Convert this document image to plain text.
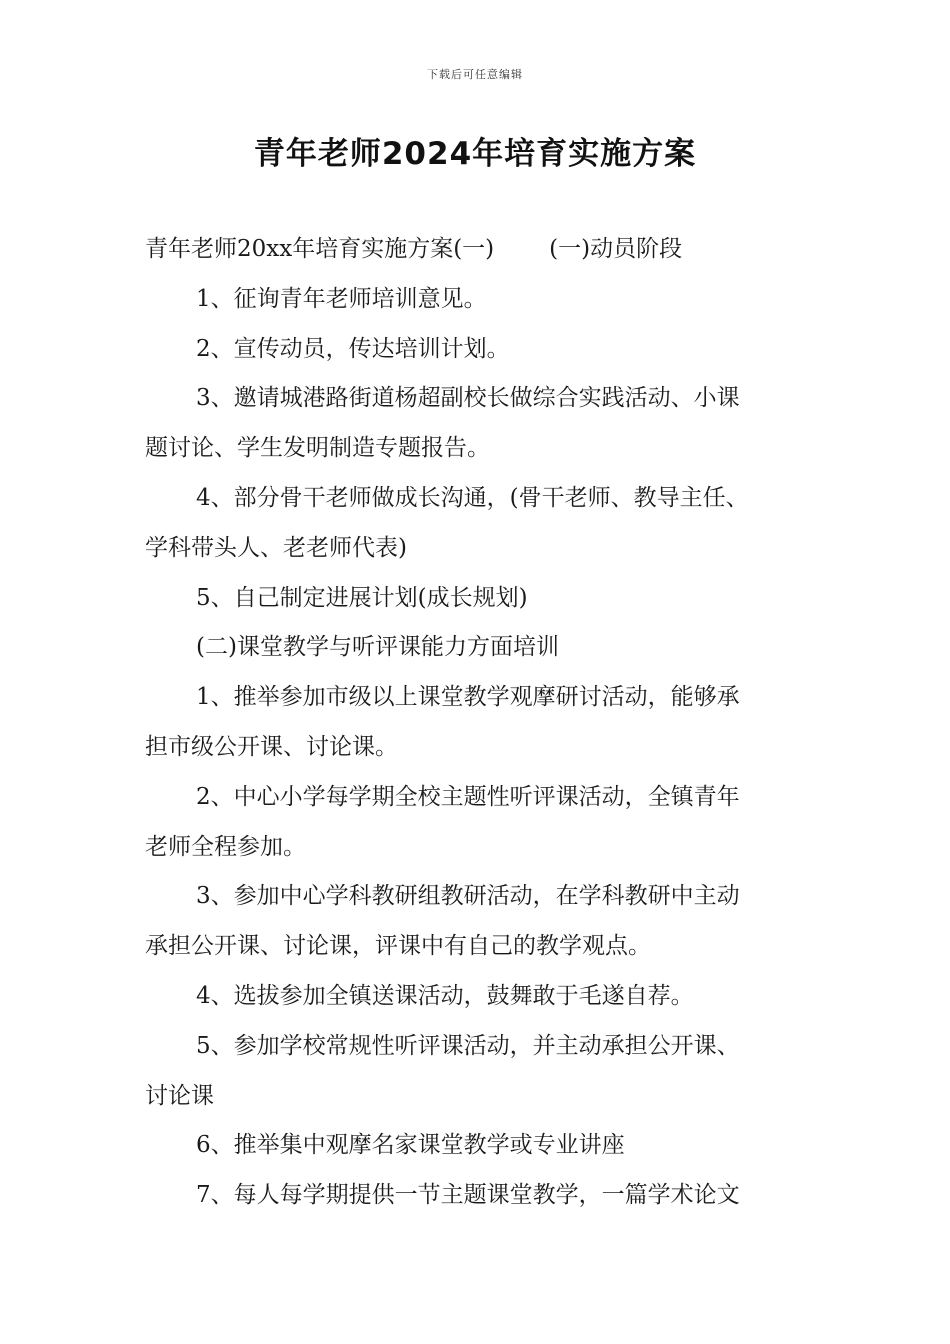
下载后可任意编辑
青年老师2024年培育实施方案
青年老师20xx年培育实施方案(一) (一)动员阶段
1、征询青年老师培训意见。
2、宣传动员，传达培训计划。
3、邀请城港路街道杨超副校长做综合实践活动、小课
题讨论、学生发明制造专题报告。
4、部分骨干老师做成长沟通，(骨干老师、教导主任、
学科带头人、老老师代表)
5、自己制定进展计划(成长规划)
(二)课堂教学与听评课能力方面培训
1、推举参加市级以上课堂教学观摩研讨活动，能够承
担市级公开课、讨论课。
2、中心小学每学期全校主题性听评课活动，全镇青年
老师全程参加。
3、参加中心学科教研组教研活动，在学科教研中主动
承担公开课、讨论课，评课中有自己的教学观点。
4、选拔参加全镇送课活动，鼓舞敢于毛遂自荐。
5、参加学校常规性听评课活动，并主动承担公开课、
讨论课
6、推举集中观摩名家课堂教学或专业讲座
7、每人每学期提供一节主题课堂教学，一篇学术论文
